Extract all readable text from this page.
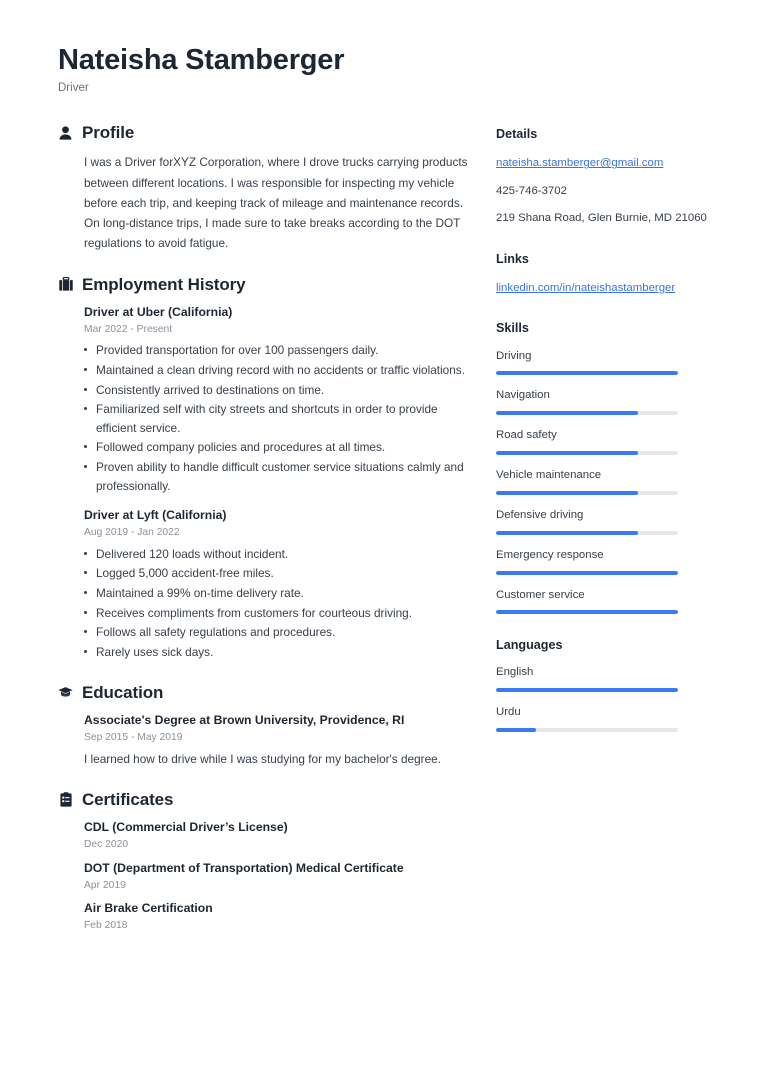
Nateisha Stamberger

Driver

Profile

I was a Driver forXYZ Corporation, where I drove trucks carrying products between different locations. I was responsible for inspecting my vehicle before each trip, and keeping track of mileage and maintenance records. On long-distance trips, I made sure to take breaks according to the DOT regulations to avoid fatigue.

Employment History

Driver at Uber (California)

Mar 2022 - Present

Provided transportation for over 100 passengers daily.
Maintained a clean driving record with no accidents or traffic violations.
Consistently arrived to destinations on time.
Familiarized self with city streets and shortcuts in order to provide efficient service.
Followed company policies and procedures at all times.
Proven ability to handle difficult customer service situations calmly and professionally.

Driver at Lyft (California)

Aug 2019 - Jan 2022

Delivered 120 loads without incident.
Logged 5,000 accident-free miles.
Maintained a 99% on-time delivery rate.
Receives compliments from customers for courteous driving.
Follows all safety regulations and procedures.
Rarely uses sick days.
Education

Associate's Degree at Brown University, Providence, RI

Sep 2015 - May 2019

I learned how to drive while I was studying for my bachelor's degree.

Certificates

CDL (Commercial Driver’s License)

Dec 2020

DOT (Department of Transportation) Medical Certificate

Apr 2019

Air Brake Certification

Feb 2018

Details

nateisha.stamberger@gmail.com

425-746-3702

219 Shana Road, Glen Burnie, MD 21060

Links

linkedin.com/in/nateishastamberger

Skills

Driving

Navigation

Road safety

Vehicle maintenance

Defensive driving

Emergency response

Customer service

Languages

English

Urdu
